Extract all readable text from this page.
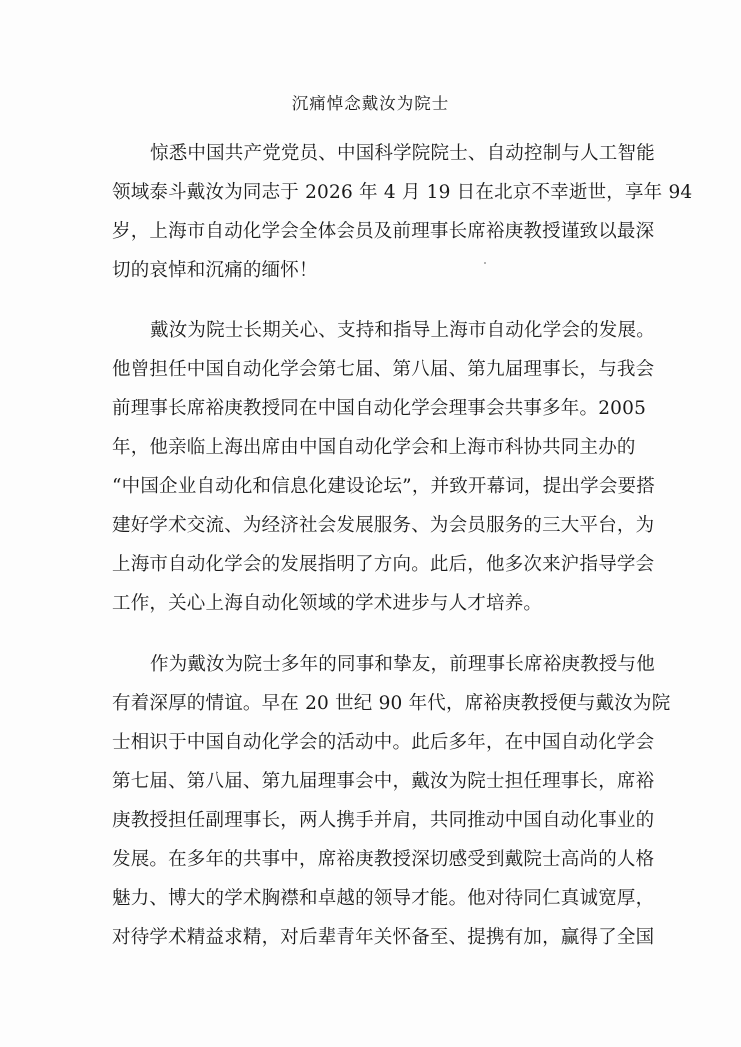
沉痛悼念戴汝为院士
惊悉中国共产党党员、中国科学院院士、自动控制与人工智能
领域泰斗戴汝为同志于 2026 年 4 月 19 日在北京不幸逝世，享年 94
岁，上海市自动化学会全体会员及前理事长席裕庚教授谨致以最深
切的哀悼和沉痛的缅怀！
戴汝为院士长期关心、支持和指导上海市自动化学会的发展。
他曾担任中国自动化学会第七届、第八届、第九届理事长，与我会
前理事长席裕庚教授同在中国自动化学会理事会共事多年。2005
年，他亲临上海出席由中国自动化学会和上海市科协共同主办的
“中国企业自动化和信息化建设论坛”，并致开幕词，提出学会要搭
建好学术交流、为经济社会发展服务、为会员服务的三大平台，为
上海市自动化学会的发展指明了方向。此后，他多次来沪指导学会
工作，关心上海自动化领域的学术进步与人才培养。
作为戴汝为院士多年的同事和挚友，前理事长席裕庚教授与他
有着深厚的情谊。早在 20 世纪 90 年代，席裕庚教授便与戴汝为院
士相识于中国自动化学会的活动中。此后多年，在中国自动化学会
第七届、第八届、第九届理事会中，戴汝为院士担任理事长，席裕
庚教授担任副理事长，两人携手并肩，共同推动中国自动化事业的
发展。在多年的共事中，席裕庚教授深切感受到戴院士高尚的人格
魅力、博大的学术胸襟和卓越的领导才能。他对待同仁真诚宽厚，
对待学术精益求精，对后辈青年关怀备至、提携有加，赢得了全国
